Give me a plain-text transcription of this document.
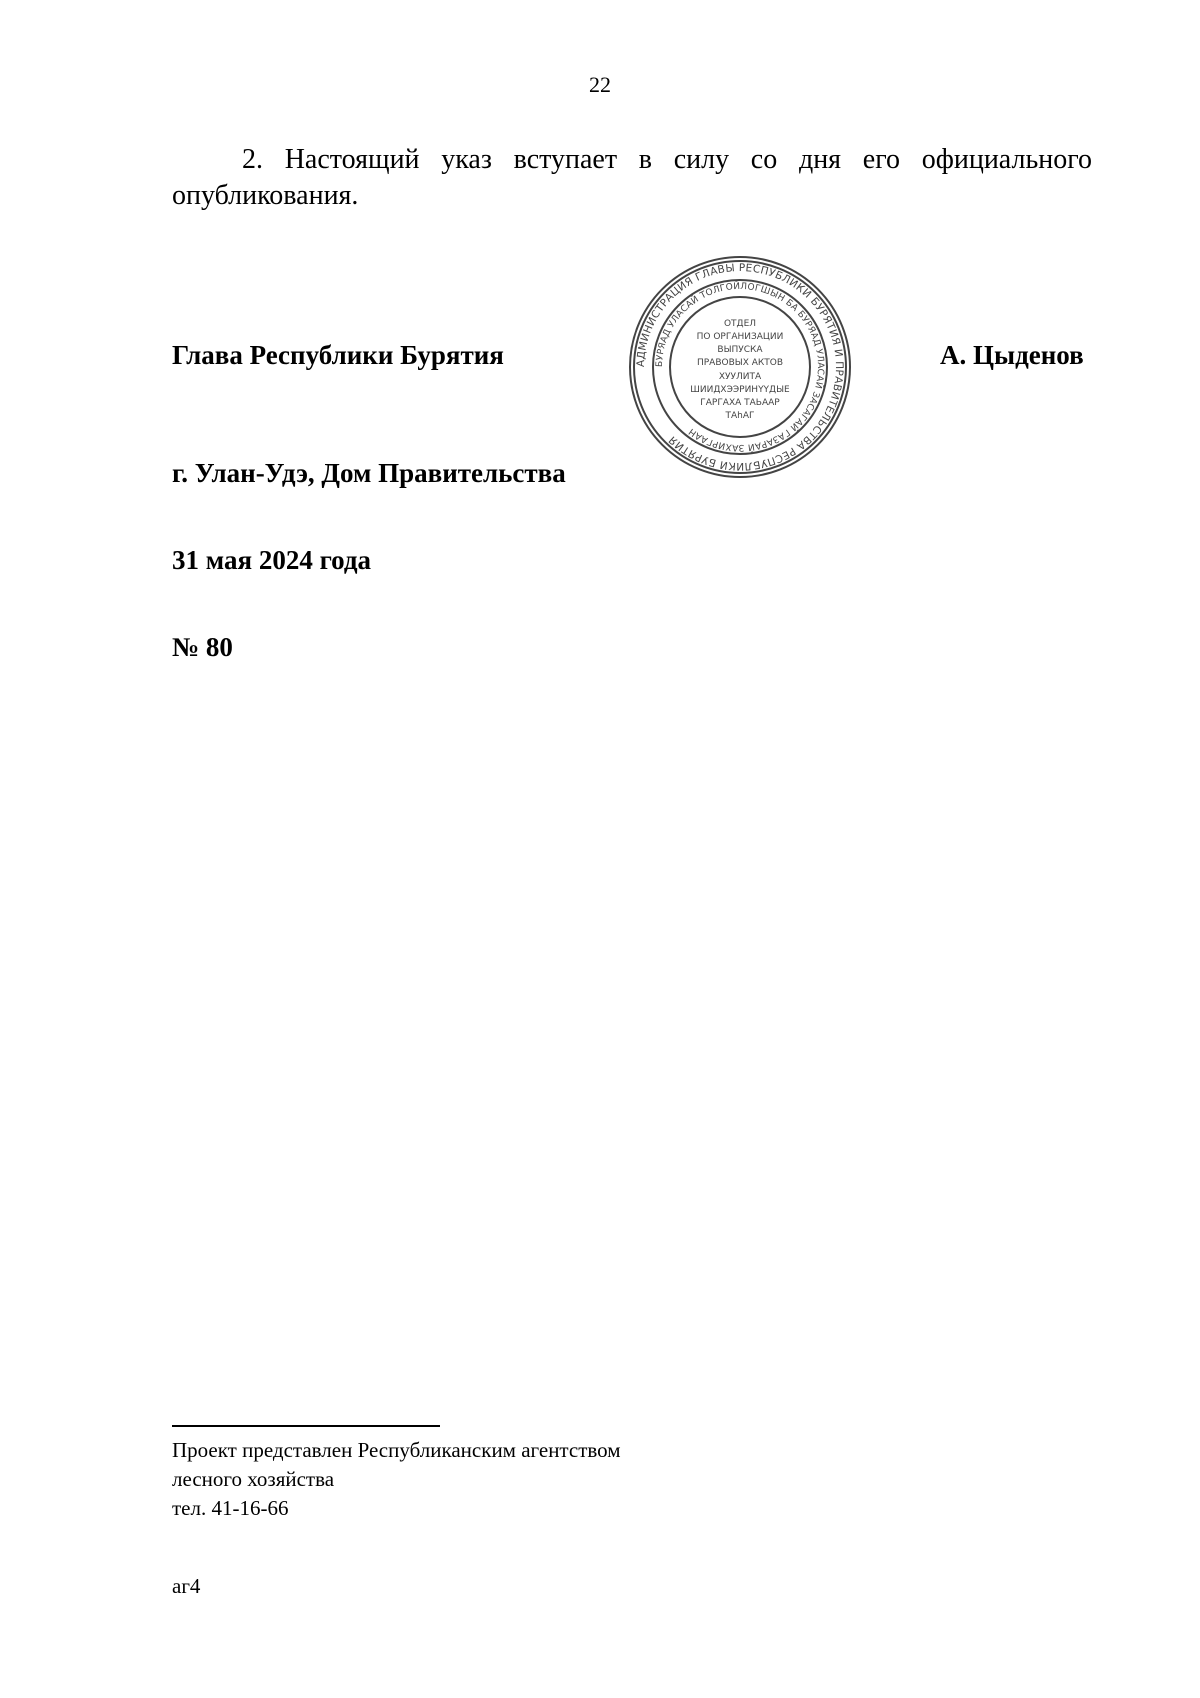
22
2. Настоящий указ вступает в силу со дня его официального опубликования.
Глава Республики Бурятия	А. Цыденов
АДМИНИСТРАЦИЯ ГЛАВЫ РЕСПУБЛИКИ БУРЯТИЯ И ПРАВИТЕЛЬСТВА РЕСПУБЛИКИ БУРЯТИЯ
БУРЯАД УЛАСАЙ ТОЛГОЙЛОГШЫН БА БУРЯАД УЛАСАЙ ЗАСАГАЙ ГАЗАРАЙ ЗАХИРГААН
ОТДЕЛ
ПО ОРГАНИЗАЦИИ
ВЫПУСКА
ПРАВОВЫХ АКТОВ
ХУУЛИТА
ШИИДХЭЭРИНҮҮДЫЕ
ГАРГАХА ТАЬААР
ТАһАГ
г. Улан-Удэ, Дом Правительства
31 мая 2024 года
№ 80
Проект представлен Республиканским агентством
лесного хозяйства
тел. 41-16-66
аг4
